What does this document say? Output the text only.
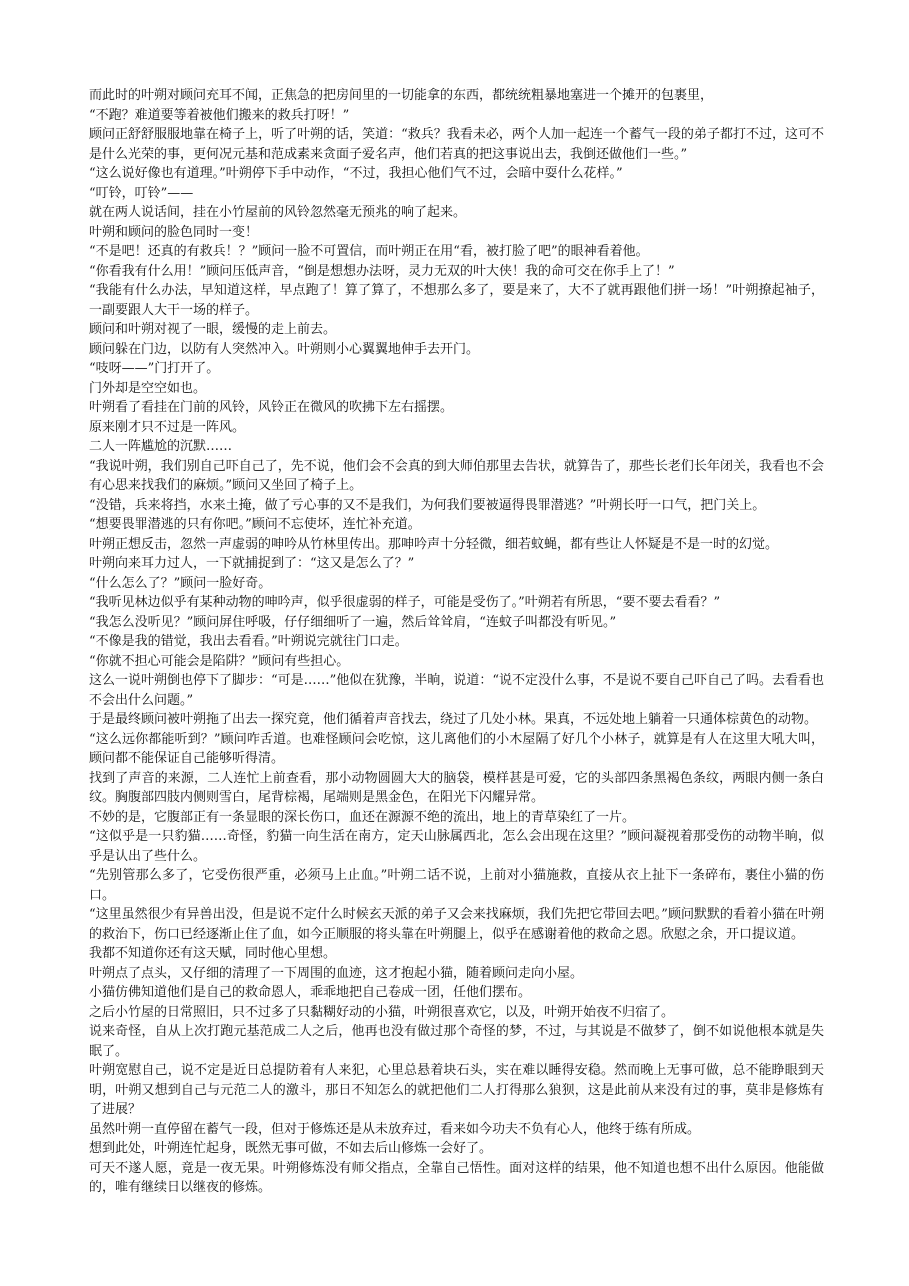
而此时的叶朔对顾问充耳不闻，正焦急的把房间里的一切能拿的东西，都统统粗暴地塞进一个摊开的包裹里，

“不跑？难道要等着被他们搬来的救兵打呀！”

顾问正舒舒服服地靠在椅子上，听了叶朔的话，笑道：“救兵？我看未必，两个人加一起连一个蓄气一段的弟子都打不过，这可不是什么光荣的事，更何况元基和范成素来贪面子爱名声，他们若真的把这事说出去，我倒还做他们一些。”

“这么说好像也有道理。”叶朔停下手中动作，“不过，我担心他们气不过，会暗中耍什么花样。”

“叮铃，叮铃”——

就在两人说话间，挂在小竹屋前的风铃忽然毫无预兆的响了起来。

叶朔和顾问的脸色同时一变！

“不是吧！还真的有救兵！？”顾问一脸不可置信，而叶朔正在用“看，被打脸了吧”的眼神看着他。

“你看我有什么用！”顾问压低声音，“倒是想想办法呀，灵力无双的叶大侠！我的命可交在你手上了！”

“我能有什么办法，早知道这样，早点跑了！算了算了，不想那么多了，要是来了，大不了就再跟他们拼一场！”叶朔撩起袖子，一副要跟人大干一场的样子。

顾问和叶朔对视了一眼，缓慢的走上前去。

顾问躲在门边，以防有人突然冲入。叶朔则小心翼翼地伸手去开门。

“吱呀——”门打开了。

门外却是空空如也。

叶朔看了看挂在门前的风铃，风铃正在微风的吹拂下左右摇摆。

原来刚才只不过是一阵风。

二人一阵尴尬的沉默……

“我说叶朔，我们别自己吓自己了，先不说，他们会不会真的到大师伯那里去告状，就算告了，那些长老们长年闭关，我看也不会有心思来找我们的麻烦。”顾问又坐回了椅子上。

“没错，兵来将挡，水来土掩，做了亏心事的又不是我们，为何我们要被逼得畏罪潜逃？”叶朔长吁一口气，把门关上。

“想要畏罪潜逃的只有你吧。”顾问不忘使坏，连忙补充道。

叶朔正想反击，忽然一声虚弱的呻吟从竹林里传出。那呻吟声十分轻微，细若蚊蝇，都有些让人怀疑是不是一时的幻觉。

叶朔向来耳力过人，一下就捕捉到了：“这又是怎么了？”

“什么怎么了？”顾问一脸好奇。

“我听见林边似乎有某种动物的呻吟声，似乎很虚弱的样子，可能是受伤了。”叶朔若有所思，“要不要去看看？”

“我怎么没听见？”顾问屏住呼吸，仔仔细细听了一遍，然后耸耸肩，“连蚊子叫都没有听见。”

“不像是我的错觉，我出去看看。”叶朔说完就往门口走。

“你就不担心可能会是陷阱？”顾问有些担心。

这么一说叶朔倒也停下了脚步：“可是……”他似在犹豫，半晌，说道：“说不定没什么事，不是说不要自己吓自己了吗。去看看也不会出什么问题。”

于是最终顾问被叶朔拖了出去一探究竟，他们循着声音找去，绕过了几处小林。果真，不远处地上躺着一只通体棕黄色的动物。

“这么远你都能听到？”顾问咋舌道。也难怪顾问会吃惊，这儿离他们的小木屋隔了好几个小林子，就算是有人在这里大吼大叫，顾问都不能保证自己能够听得清。

找到了声音的来源，二人连忙上前查看，那小动物圆圆大大的脑袋，模样甚是可爱，它的头部四条黑褐色条纹，两眼内侧一条白纹。胸腹部四肢内侧则雪白，尾背棕褐，尾端则是黑金色，在阳光下闪耀异常。

不妙的是，它腹部正有一条显眼的深长伤口，血还在源源不绝的流出，地上的青草染红了一片。

“这似乎是一只豹猫……奇怪，豹猫一向生活在南方，定天山脉属西北，怎么会出现在这里？”顾问凝视着那受伤的动物半晌，似乎是认出了些什么。

“先别管那么多了，它受伤很严重，必须马上止血。”叶朔二话不说，上前对小猫施救，直接从衣上扯下一条碎布，裹住小猫的伤口。

“这里虽然很少有异兽出没，但是说不定什么时候玄天派的弟子又会来找麻烦，我们先把它带回去吧。”顾问默默的看着小猫在叶朔的救治下，伤口已经逐渐止住了血，如今正顺服的将头靠在叶朔腿上，似乎在感谢着他的救命之恩。欣慰之余，开口提议道。

我都不知道你还有这天赋，同时他心里想。

叶朔点了点头，又仔细的清理了一下周围的血迹，这才抱起小猫，随着顾问走向小屋。

小猫仿佛知道他们是自己的救命恩人，乖乖地把自己卷成一团，任他们摆布。

之后小竹屋的日常照旧，只不过多了只黏糊好动的小猫，叶朔很喜欢它，以及，叶朔开始夜不归宿了。

说来奇怪，自从上次打跑元基范成二人之后，他再也没有做过那个奇怪的梦，不过，与其说是不做梦了，倒不如说他根本就是失眠了。

叶朔宽慰自己，说不定是近日总提防着有人来犯，心里总悬着块石头，实在难以睡得安稳。然而晚上无事可做，总不能睁眼到天明，叶朔又想到自己与元范二人的激斗，那日不知怎么的就把他们二人打得那么狼狈，这是此前从来没有过的事，莫非是修炼有了进展？

虽然叶朔一直停留在蓄气一段，但对于修炼还是从未放弃过，看来如今功夫不负有心人，他终于练有所成。

想到此处，叶朔连忙起身，既然无事可做，不如去后山修炼一会好了。

可天不遂人愿，竟是一夜无果。叶朔修炼没有师父指点，全靠自己悟性。面对这样的结果，他不知道也想不出什么原因。他能做的，唯有继续日以继夜的修炼。
